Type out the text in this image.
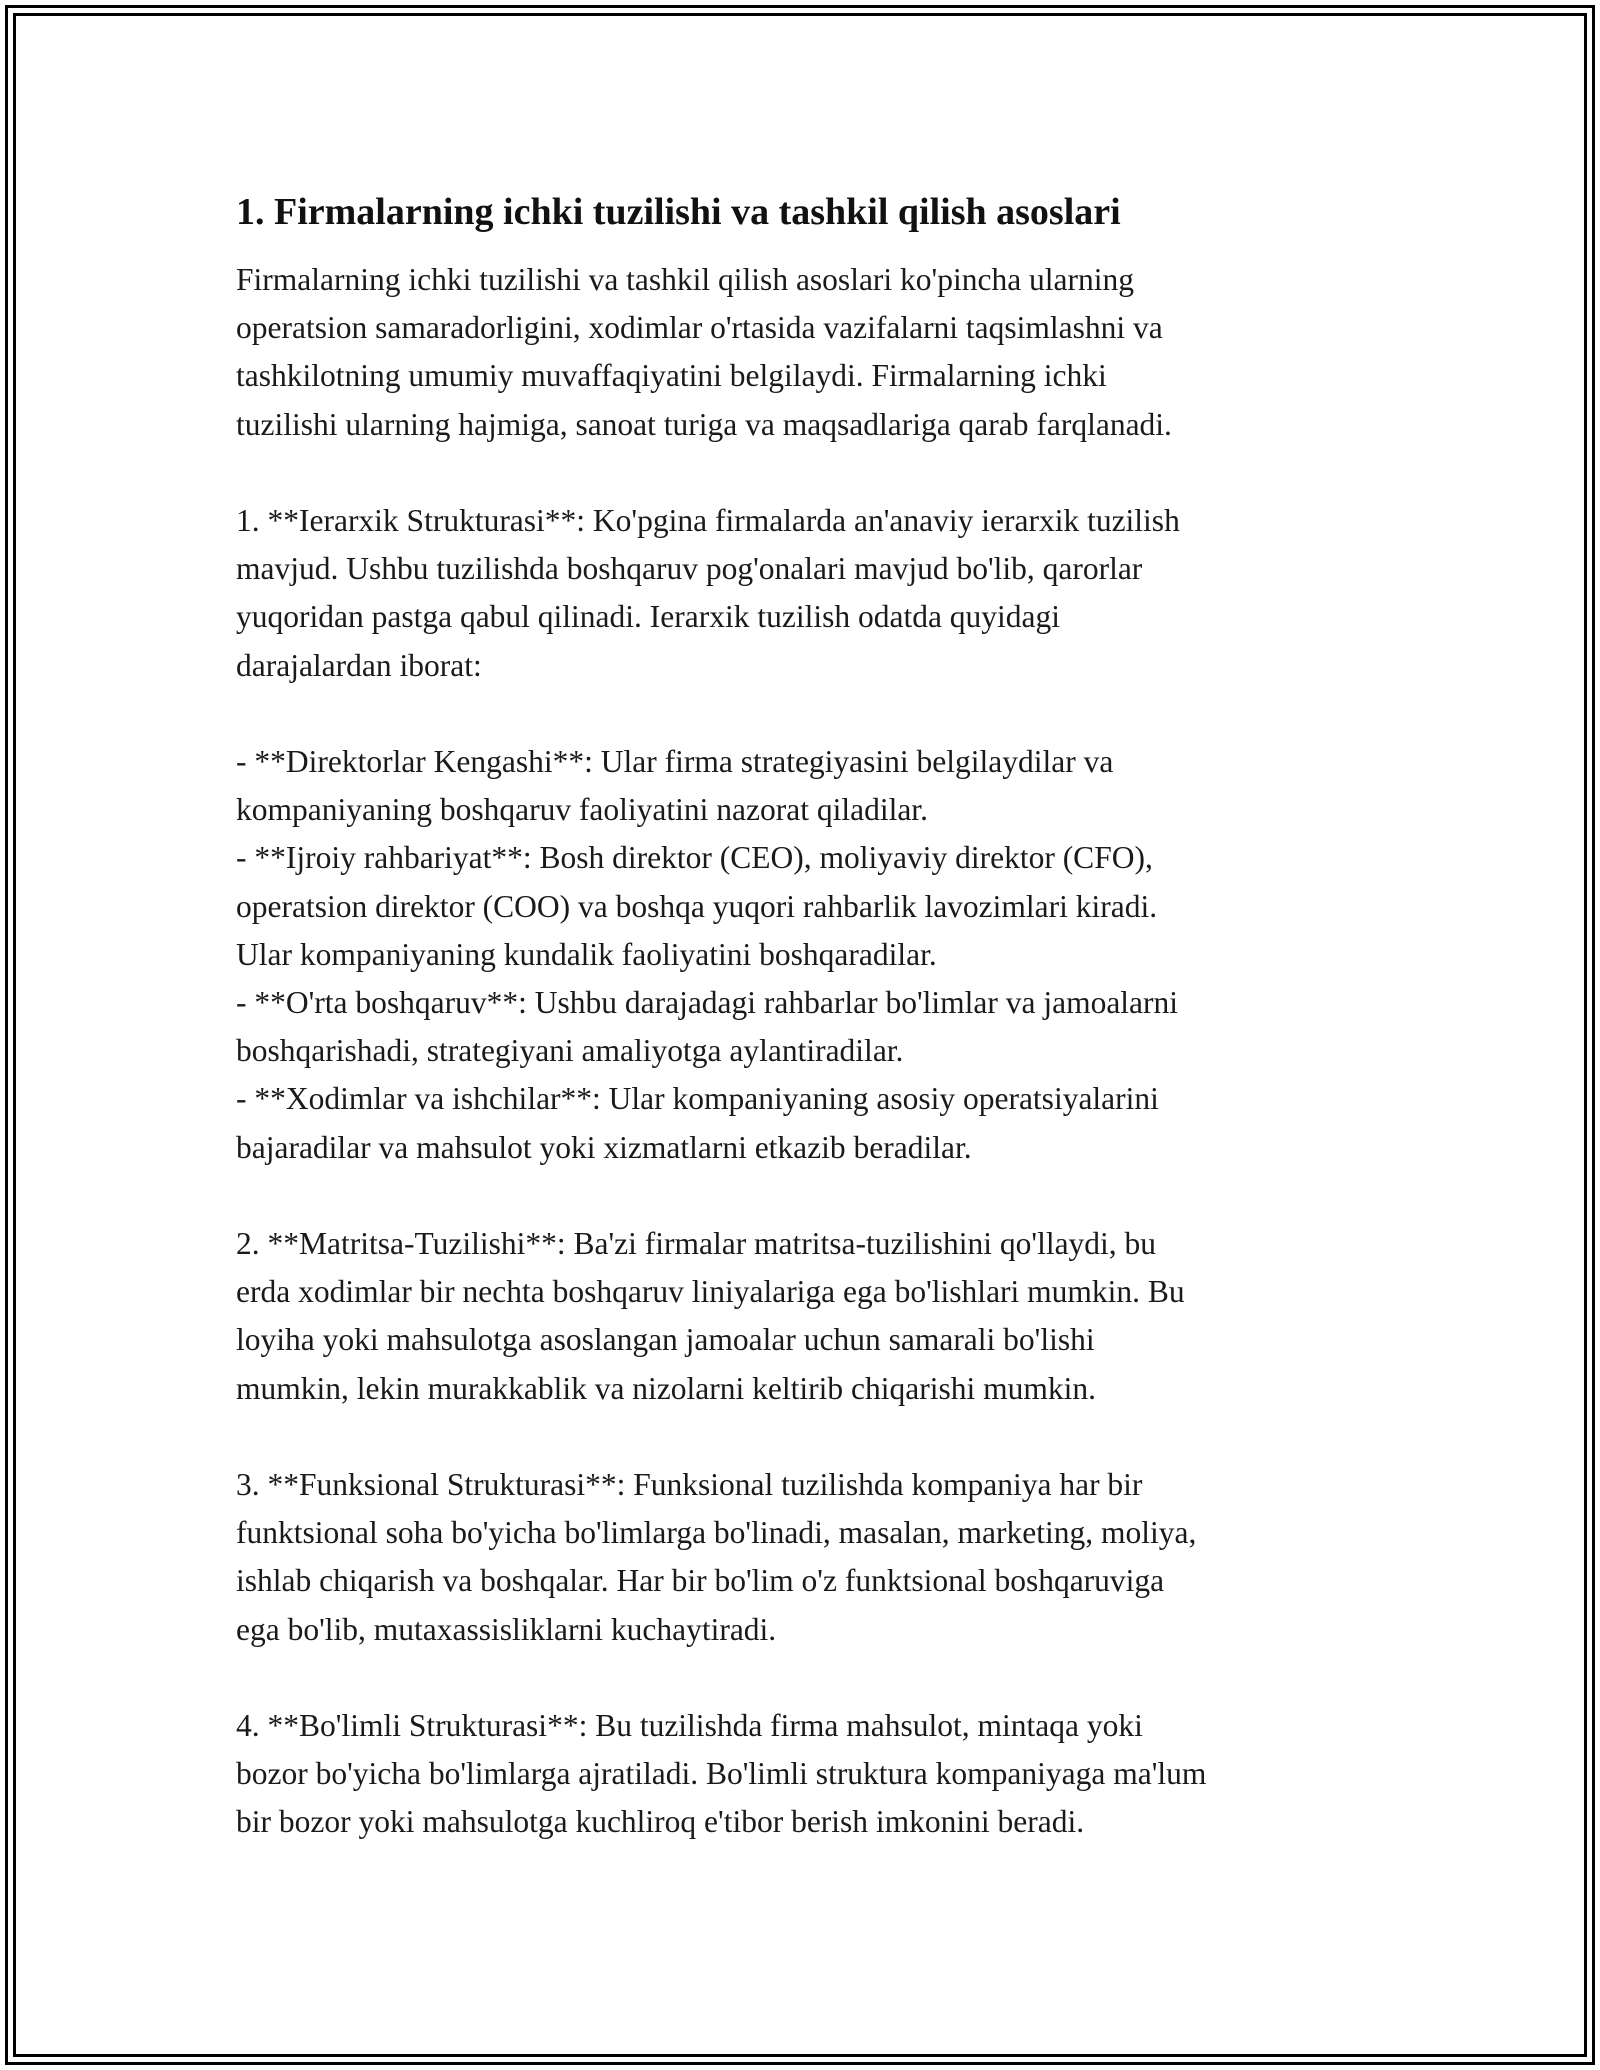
1. Firmalarning ichki tuzilishi va tashkil qilish asoslari

Firmalarning ichki tuzilishi va tashkil qilish asoslari ko'pincha ularning
operatsion samaradorligini, xodimlar o'rtasida vazifalarni taqsimlashni va
tashkilotning umumiy muvaffaqiyatini belgilaydi. Firmalarning ichki
tuzilishi ularning hajmiga, sanoat turiga va maqsadlariga qarab farqlanadi.

1. **Ierarxik Strukturasi**: Ko'pgina firmalarda an'anaviy ierarxik tuzilish
mavjud. Ushbu tuzilishda boshqaruv pog'onalari mavjud bo'lib, qarorlar
yuqoridan pastga qabul qilinadi. Ierarxik tuzilish odatda quyidagi
darajalardan iborat:

- **Direktorlar Kengashi**: Ular firma strategiyasini belgilaydilar va
kompaniyaning boshqaruv faoliyatini nazorat qiladilar.
- **Ijroiy rahbariyat**: Bosh direktor (CEO), moliyaviy direktor (CFO),
operatsion direktor (COO) va boshqa yuqori rahbarlik lavozimlari kiradi.
Ular kompaniyaning kundalik faoliyatini boshqaradilar.
- **O'rta boshqaruv**: Ushbu darajadagi rahbarlar bo'limlar va jamoalarni
boshqarishadi, strategiyani amaliyotga aylantiradilar.
- **Xodimlar va ishchilar**: Ular kompaniyaning asosiy operatsiyalarini
bajaradilar va mahsulot yoki xizmatlarni etkazib beradilar.

2. **Matritsa-Tuzilishi**: Ba'zi firmalar matritsa-tuzilishini qo'llaydi, bu
erda xodimlar bir nechta boshqaruv liniyalariga ega bo'lishlari mumkin. Bu
loyiha yoki mahsulotga asoslangan jamoalar uchun samarali bo'lishi
mumkin, lekin murakkablik va nizolarni keltirib chiqarishi mumkin.

3. **Funksional Strukturasi**: Funksional tuzilishda kompaniya har bir
funktsional soha bo'yicha bo'limlarga bo'linadi, masalan, marketing, moliya,
ishlab chiqarish va boshqalar. Har bir bo'lim o'z funktsional boshqaruviga
ega bo'lib, mutaxassisliklarni kuchaytiradi.

4. **Bo'limli Strukturasi**: Bu tuzilishda firma mahsulot, mintaqa yoki
bozor bo'yicha bo'limlarga ajratiladi. Bo'limli struktura kompaniyaga ma'lum
bir bozor yoki mahsulotga kuchliroq e'tibor berish imkonini beradi.
